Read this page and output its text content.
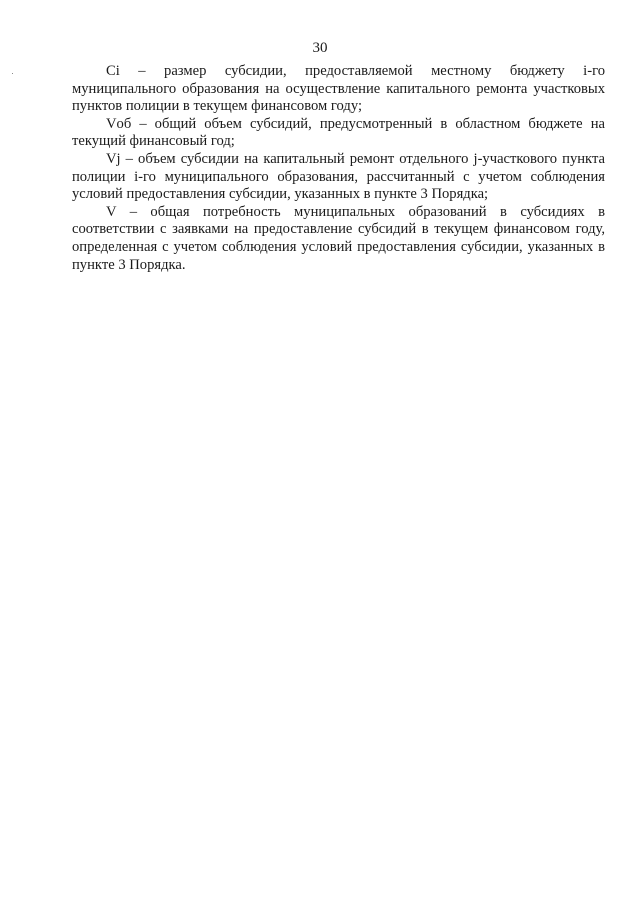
30

Ci – размер субсидии, предоставляемой местному бюджету i-го муниципального образования на осуществление капитального ремонта участковых пунктов полиции в текущем финансовом году;

Vоб – общий объем субсидий, предусмотренный в областном бюджете на текущий финансовый год;

Vj – объем субсидии на капитальный ремонт отдельного j-участкового пункта полиции i-го муниципального образования, рассчитанный с учетом соблюдения условий предоставления субсидии, указанных в пункте 3 Порядка;

V – общая потребность муниципальных образований в субсидиях в соответствии с заявками на предоставление субсидий в текущем финансовом году, определенная с учетом соблюдения условий предоставления субсидии, указанных в пункте 3 Порядка.
